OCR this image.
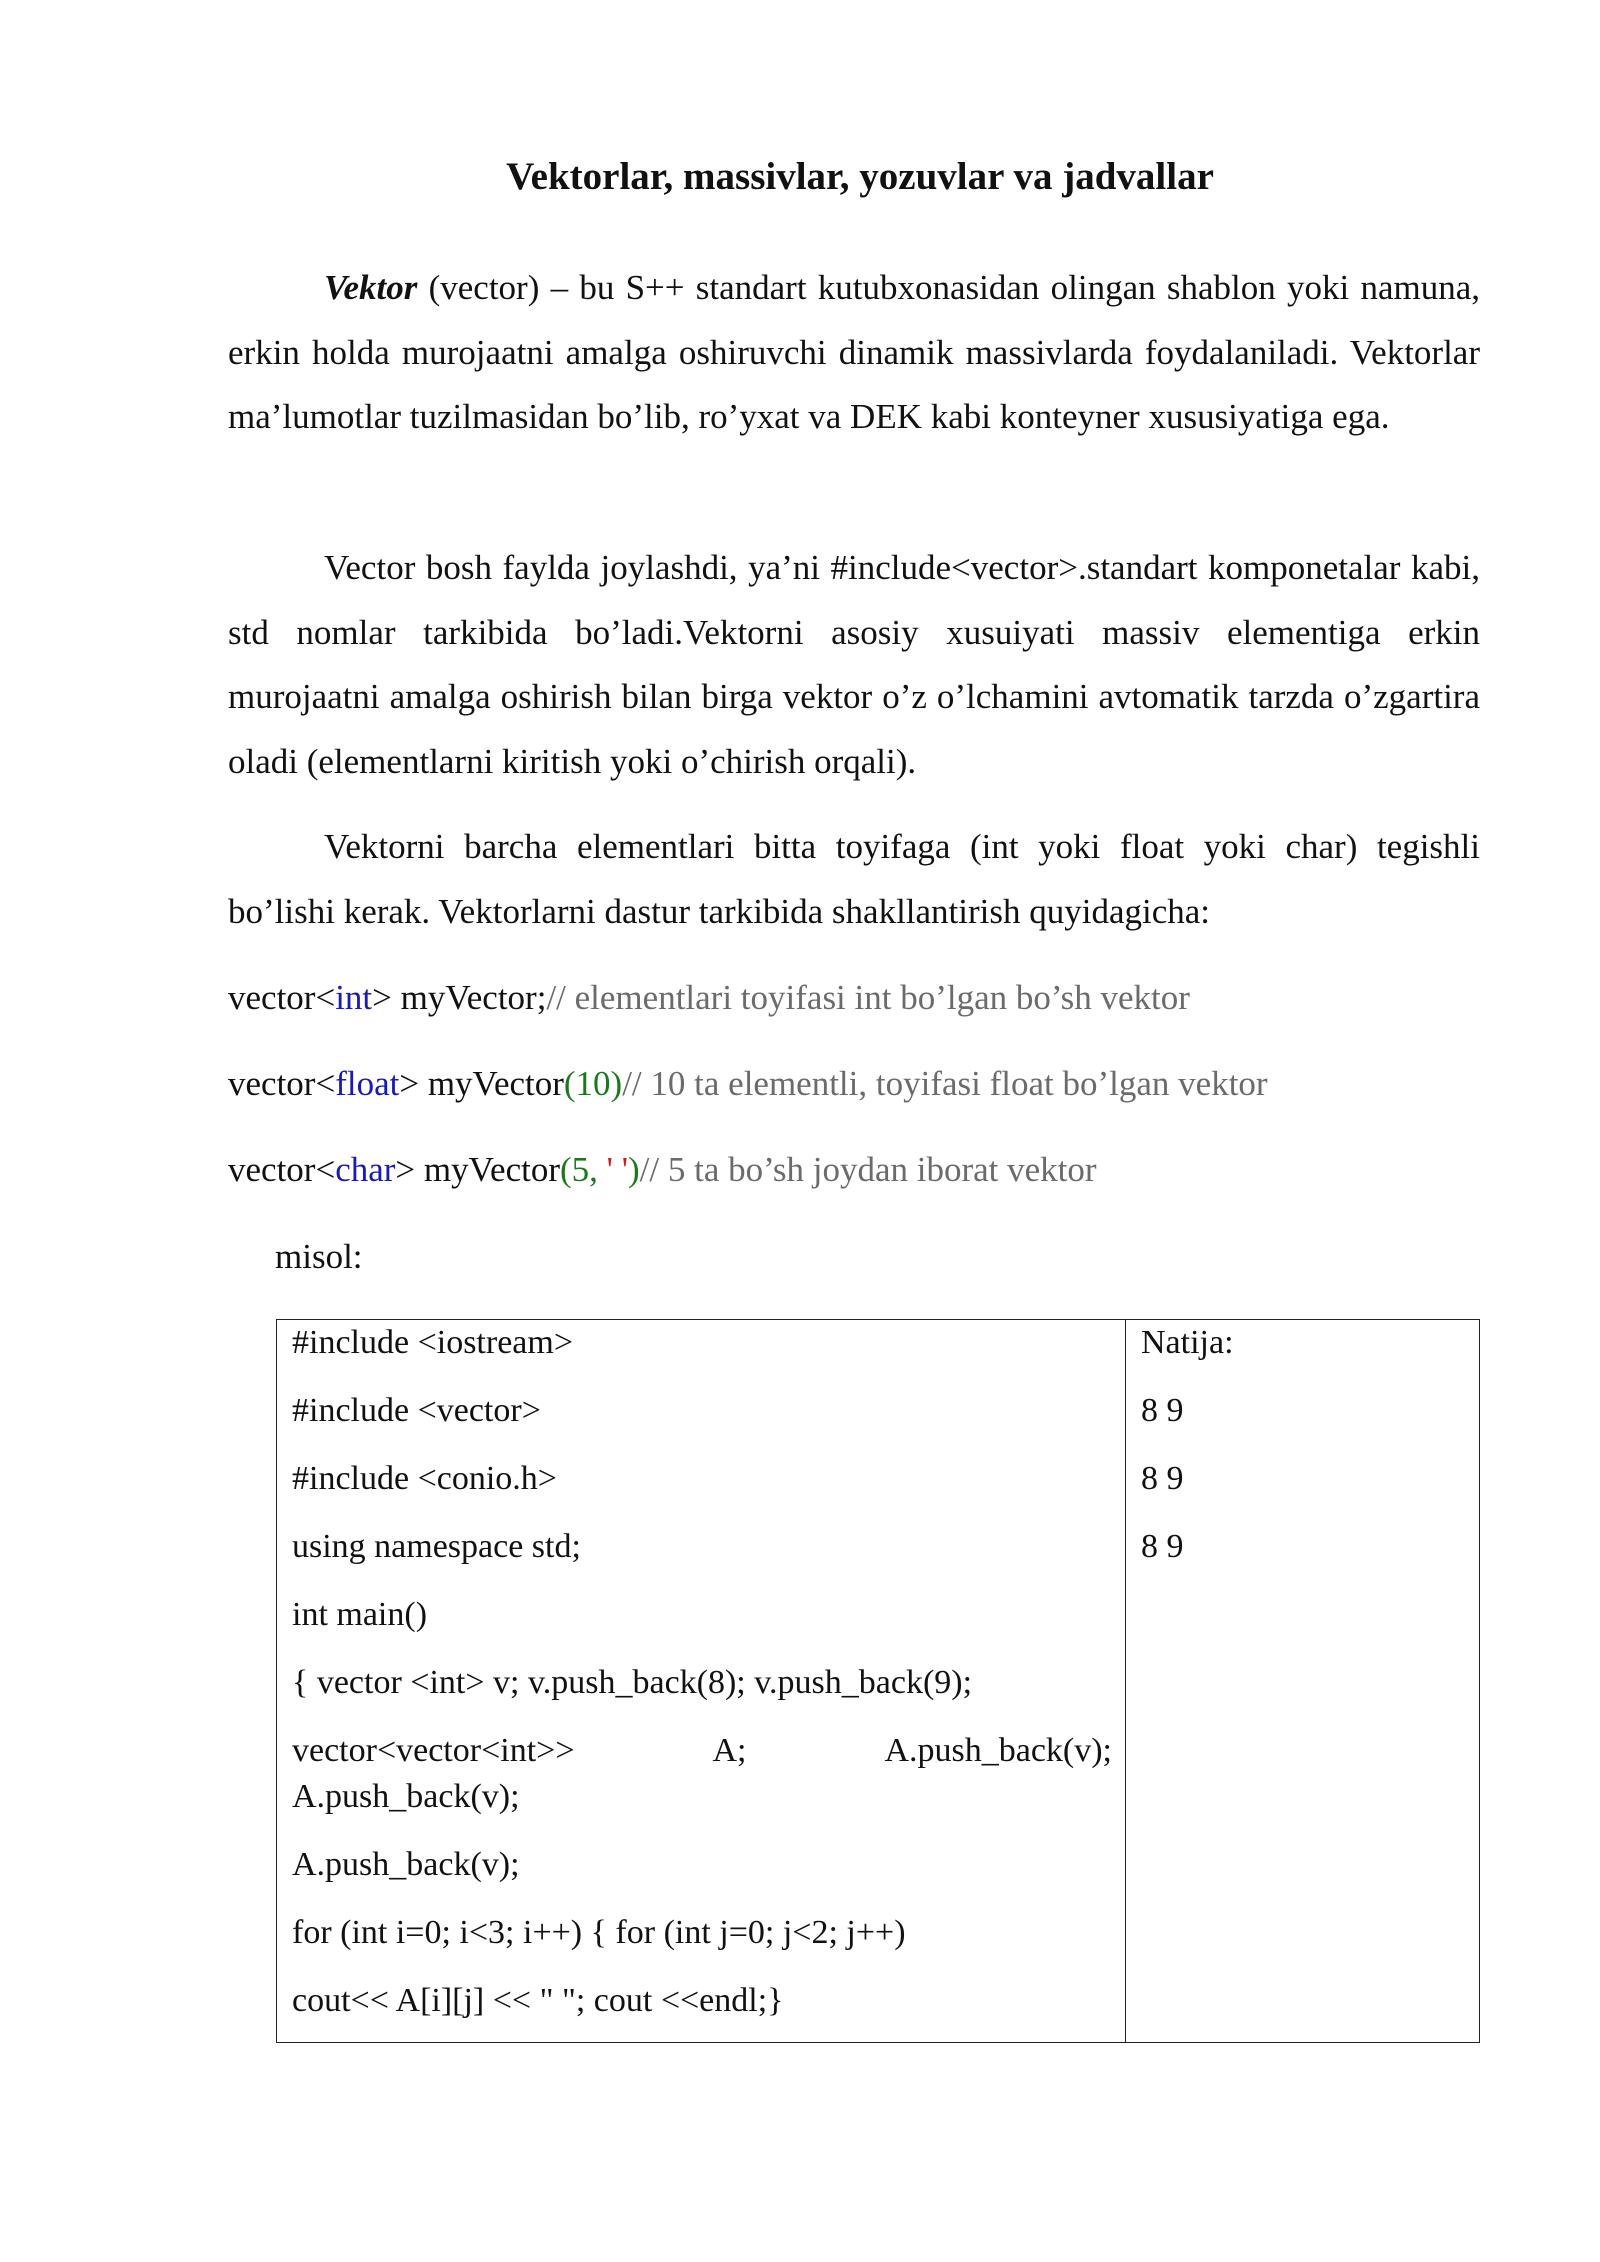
Vektorlar, massivlar, yozuvlar va jadvallar

Vektor (vector) – bu S++ standart kutubxonasidan olingan shablon yoki namuna, erkin holda murojaatni amalga oshiruvchi dinamik massivlarda foydalaniladi. Vektorlar ma’lumotlar tuzilmasidan bo’lib, ro’yxat va DEK kabi konteyner xususiyatiga ega.

Vector bosh faylda joylashdi, ya’ni #include<vector>.standart komponetalar kabi, std nomlar tarkibida bo’ladi.Vektorni asosiy xusuiyati massiv elementiga erkin murojaatni amalga oshirish bilan birga vektor o’z o’lchamini avtomatik tarzda o’zgartira oladi (elementlarni kiritish yoki o’chirish orqali).

Vektorni barcha elementlari bitta toyifaga (int yoki float yoki char) tegishli bo’lishi kerak. Vektorlarni dastur tarkibida shakllantirish quyidagicha:

vector<int> myVector;// elementlari toyifasi int bo’lgan bo’sh vektor

vector<float> myVector(10)// 10 ta elementli, toyifasi float bo’lgan vektor

vector<char> myVector(5, ' ')// 5 ta bo’sh joydan iborat vektor

misol:

#include <iostream>

#include <vector>

#include <conio.h>

using namespace std;

int main()

{ vector <int> v; v.push_back(8); v.push_back(9);

vector<vector<int>>	A;	A.push_back(v);

A.push_back(v);

A.push_back(v);

for (int i=0; i<3; i++) { for (int j=0; j<2; j++)

cout<< A[i][j] << " "; cout <<endl;}

Natija:

8 9

8 9

8 9
